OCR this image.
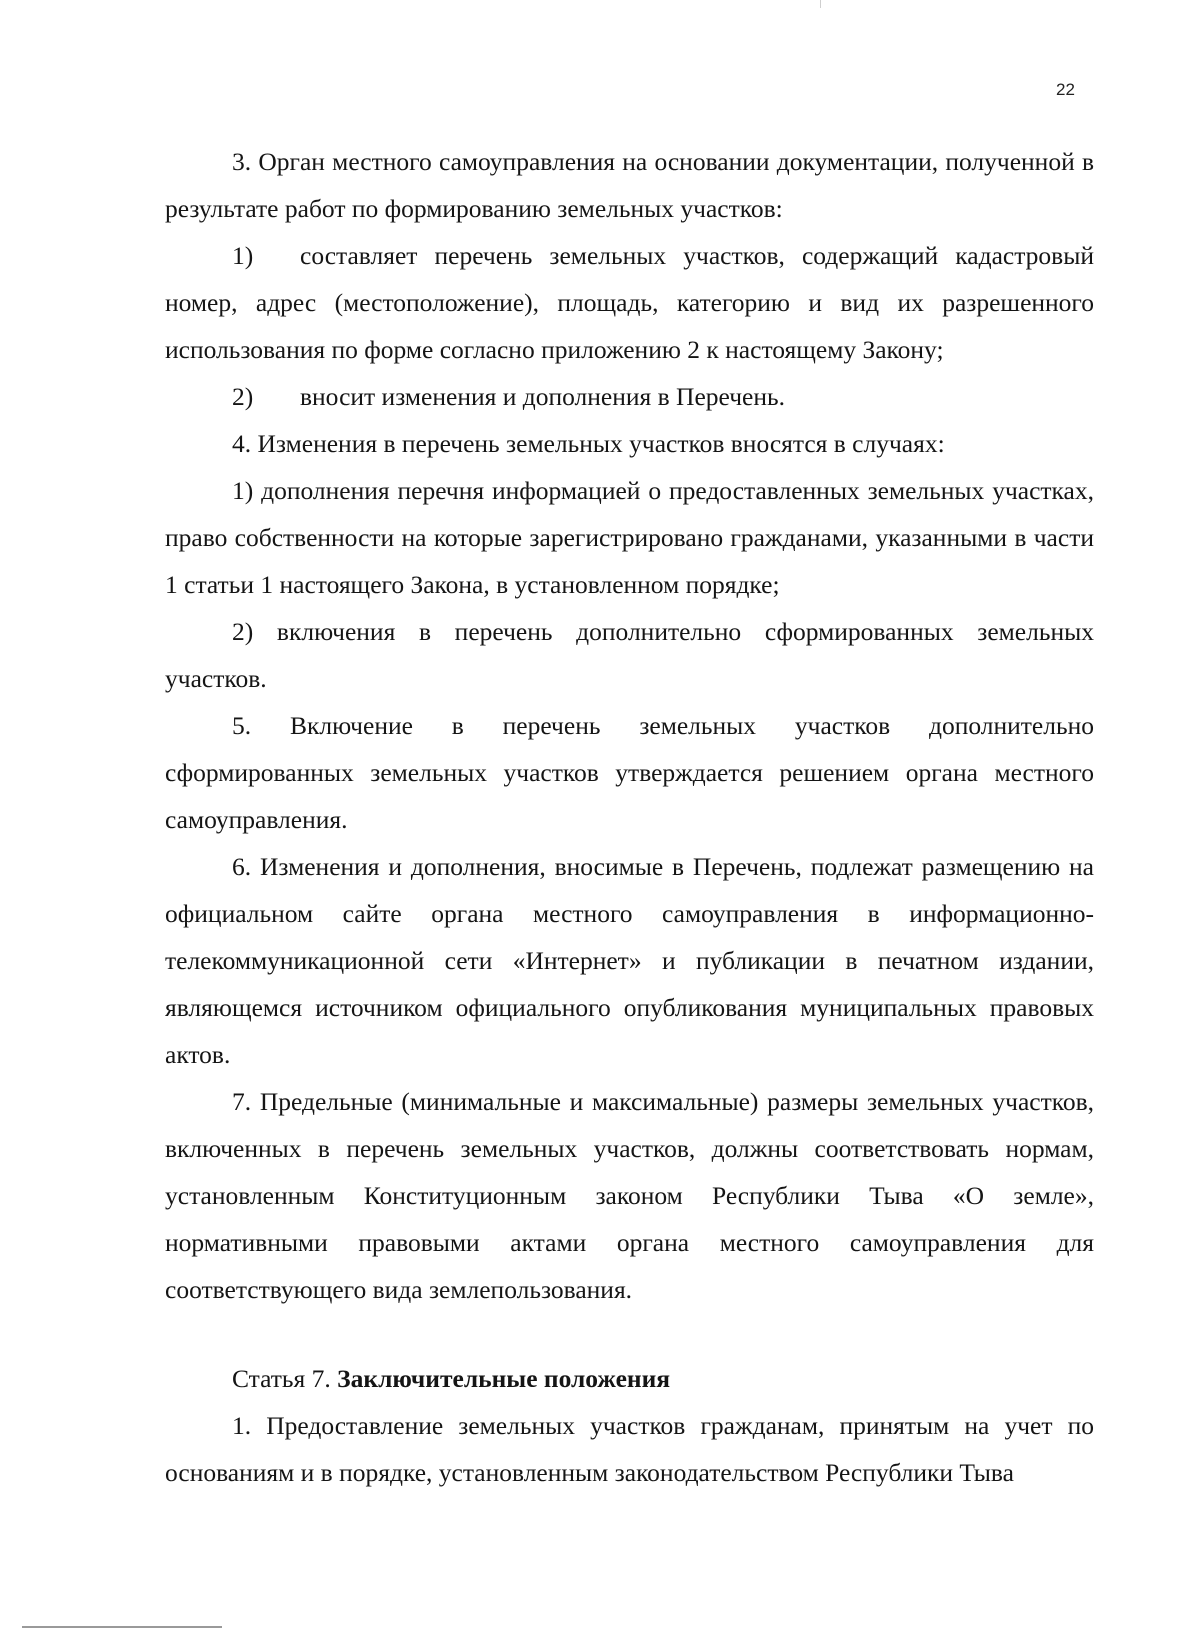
22

3. Орган местного самоуправления на основании документации, полученной в результате работ по формированию земельных участков:

1) составляет перечень земельных участков, содержащий кадастровый номер, адрес (местоположение), площадь, категорию и вид их разрешенного использования по форме согласно приложению 2 к настоящему Закону;

2) вносит изменения и дополнения в Перечень.

4. Изменения в перечень земельных участков вносятся в случаях:

1) дополнения перечня информацией о предоставленных земельных участках, право собственности на которые зарегистрировано гражданами, указанными в части 1 статьи 1 настоящего Закона, в установленном порядке;

2) включения в перечень дополнительно сформированных земельных участков.

5. Включение в перечень земельных участков дополнительно сформированных земельных участков утверждается решением органа местного самоуправления.

6. Изменения и дополнения, вносимые в Перечень, подлежат размещению на официальном сайте органа местного самоуправления в информационно-телекоммуникационной сети «Интернет» и публикации в печатном издании, являющемся источником официального опубликования муниципальных правовых актов.

7. Предельные (минимальные и максимальные) размеры земельных участков, включенных в перечень земельных участков, должны соответствовать нормам, установленным Конституционным законом Республики Тыва «О земле», нормативными правовыми актами органа местного самоуправления для соответствующего вида землепользования.

Статья 7. Заключительные положения

1. Предоставление земельных участков гражданам, принятым на учет по основаниям и в порядке, установленным законодательством Республики Тыва
